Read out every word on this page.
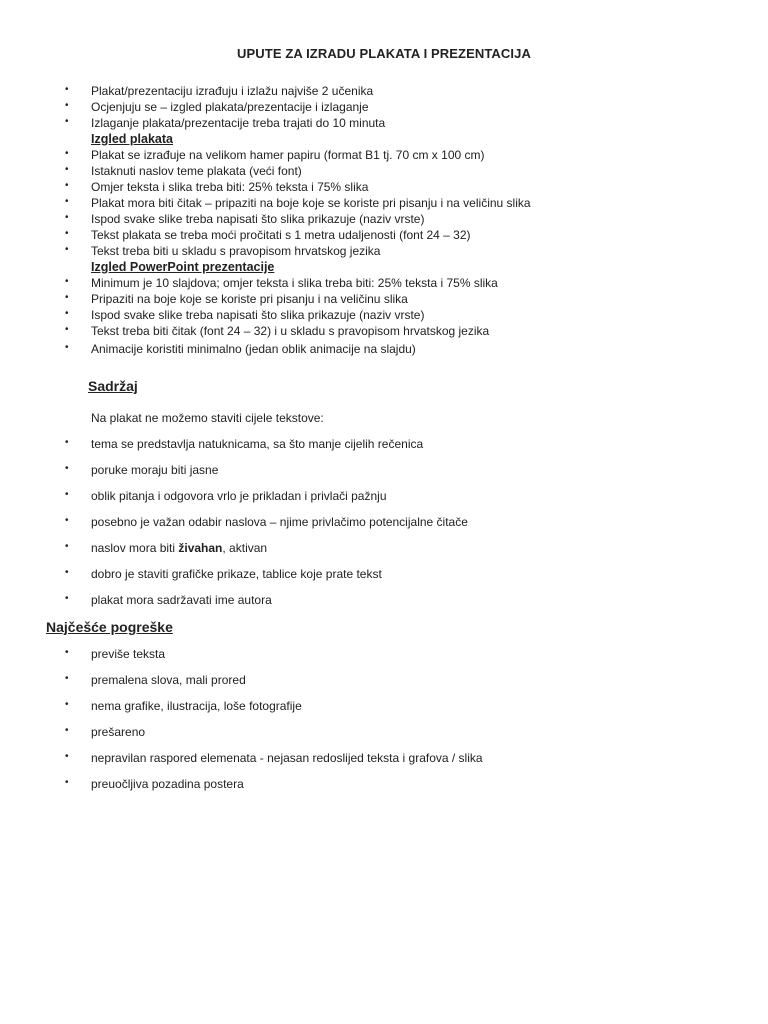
UPUTE ZA IZRADU PLAKATA I PREZENTACIJA
• Plakat/prezentaciju izrađuju i izlažu najviše 2 učenika
• Ocjenjuju se – izgled plakata/prezentacije i izlaganje
• Izlaganje plakata/prezentacije treba trajati do 10 minuta
Izgled plakata
• Plakat se izrađuje na velikom hamer papiru (format B1 tj. 70 cm x 100 cm)
• Istaknuti naslov teme plakata (veći font)
• Omjer teksta i slika treba biti: 25% teksta i 75% slika
• Plakat mora biti čitak – pripaziti na boje koje se koriste pri pisanju i na veličinu slika
• Ispod svake slike treba napisati što slika prikazuje (naziv vrste)
• Tekst plakata se treba moći pročitati s 1 metra udaljenosti (font 24 – 32)
• Tekst treba biti u skladu s pravopisom hrvatskog jezika
Izgled PowerPoint prezentacije
• Minimum je 10 slajdova; omjer teksta i slika treba biti: 25% teksta i 75% slika
• Pripaziti na boje koje se koriste pri pisanju i na veličinu slika
• Ispod svake slike treba napisati što slika prikazuje (naziv vrste)
• Tekst treba biti čitak (font 24 – 32) i u skladu s pravopisom hrvatskog jezika
• Animacije koristiti minimalno (jedan oblik animacije na slajdu)
Sadržaj
Na plakat ne možemo staviti cijele tekstove:
• tema se predstavlja natuknicama, sa što manje cijelih rečenica
• poruke moraju biti jasne
• oblik pitanja i odgovora vrlo je prikladan i privlači pažnju
• posebno je važan odabir naslova – njime privlačimo potencijalne čitače
• naslov mora biti živahan, aktivan
• dobro je staviti grafičke prikaze, tablice koje prate tekst
• plakat mora sadržavati ime autora
Najčešće pogreške
• previše teksta
• premalena slova, mali prored
• nema grafike, ilustracija, loše fotografije
• prešareno
• nepravilan raspored elemenata - nejasan redoslijed teksta i grafova / slika
• preuočljiva pozadina postera
